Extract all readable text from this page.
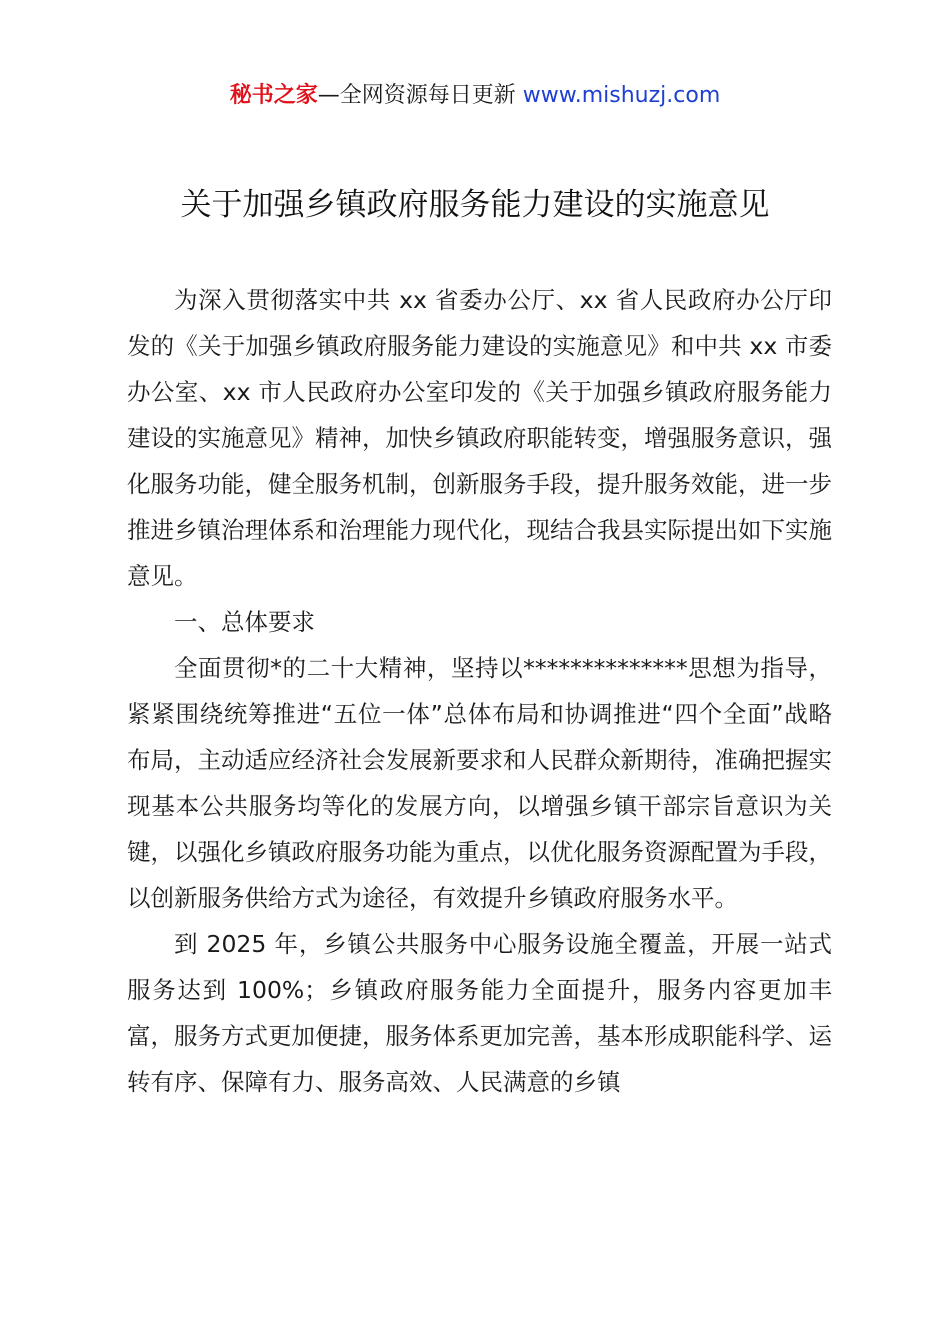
秘书之家—全网资源每日更新 www.mishuzj.com
关于加强乡镇政府服务能力建设的实施意见

为深入贯彻落实中共 xx 省委办公厅、xx 省人民政府办公厅印发的《关于加强乡镇政府服务能力建设的实施意见》和中共 xx 市委办公室、xx 市人民政府办公室印发的《关于加强乡镇政府服务能力建设的实施意见》精神，加快乡镇政府职能转变，增强服务意识，强化服务功能，健全服务机制，创新服务手段，提升服务效能，进一步推进乡镇治理体系和治理能力现代化，现结合我县实际提出如下实施意见。

一、总体要求

全面贯彻*的二十大精神，坚持以**************思想为指导，紧紧围绕统筹推进“五位一体”总体布局和协调推进“四个全面”战略布局，主动适应经济社会发展新要求和人民群众新期待，准确把握实现基本公共服务均等化的发展方向，以增强乡镇干部宗旨意识为关键，以强化乡镇政府服务功能为重点，以优化服务资源配置为手段，以创新服务供给方式为途径，有效提升乡镇政府服务水平。

到 2025 年，乡镇公共服务中心服务设施全覆盖，开展一站式服务达到 100%；乡镇政府服务能力全面提升，服务内容更加丰富，服务方式更加便捷，服务体系更加完善，基本形成职能科学、运转有序、保障有力、服务高效、人民满意的乡镇
